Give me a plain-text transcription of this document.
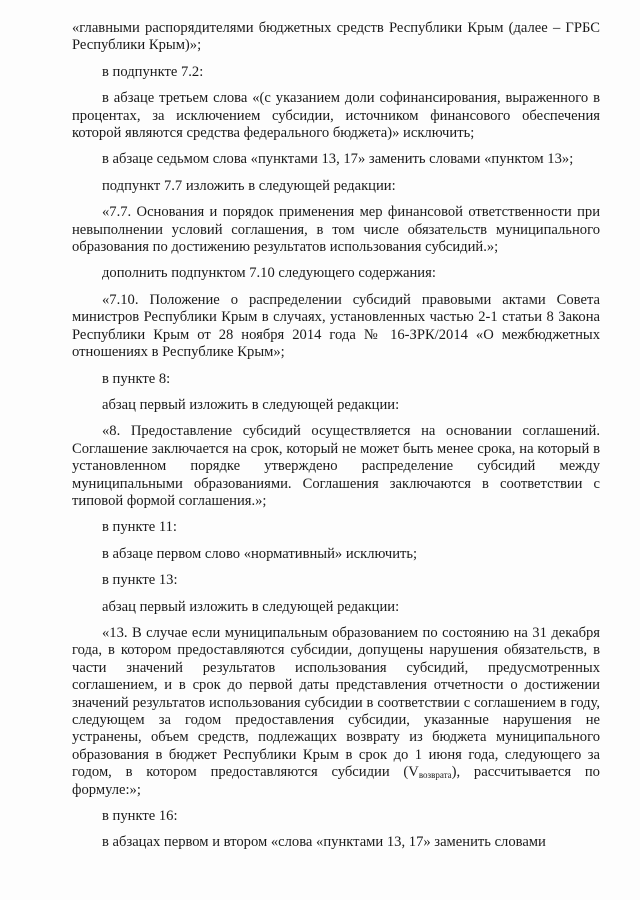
«главными распорядителями бюджетных средств Республики Крым (далее – ГРБС Республики Крым)»;

в подпункте 7.2:

в абзаце третьем слова «(с указанием доли софинансирования, выраженного в процентах, за исключением субсидии, источником финансового обеспечения которой являются средства федерального бюджета)» исключить;

в абзаце седьмом слова «пунктами 13, 17» заменить словами «пунктом 13»;

подпункт 7.7 изложить в следующей редакции:

«7.7. Основания и порядок применения мер финансовой ответственности при невыполнении условий соглашения, в том числе обязательств муниципального образования по достижению результатов использования субсидий.»;

дополнить подпунктом 7.10 следующего содержания:

«7.10. Положение о распределении субсидий правовыми актами Совета министров Республики Крым в случаях, установленных частью 2-1 статьи 8 Закона Республики Крым от 28 ноября 2014 года № 16-ЗРК/2014 «О межбюджетных отношениях в Республике Крым»;

в пункте 8:

абзац первый изложить в следующей редакции:

«8. Предоставление субсидий осуществляется на основании соглашений. Соглашение заключается на срок, который не может быть менее срока, на который в установленном порядке утверждено распределение субсидий между муниципальными образованиями. Соглашения заключаются в соответствии с типовой формой соглашения.»;

в пункте 11:

в абзаце первом слово «нормативный» исключить;

в пункте 13:

абзац первый изложить в следующей редакции:

«13. В случае если муниципальным образованием по состоянию на 31 декабря года, в котором предоставляются субсидии, допущены нарушения обязательств, в части значений результатов использования субсидий, предусмотренных соглашением, и в срок до первой даты представления отчетности о достижении значений результатов использования субсидии в соответствии с соглашением в году, следующем за годом предоставления субсидии, указанные нарушения не устранены, объем средств, подлежащих возврату из бюджета муниципального образования в бюджет Республики Крым в срок до 1 июня года, следующего за годом, в котором предоставляются субсидии $(V_{возврата})$, рассчитывается по формуле:»;

в пункте 16:

в абзацах первом и втором «слова «пунктами 13, 17» заменить словами
